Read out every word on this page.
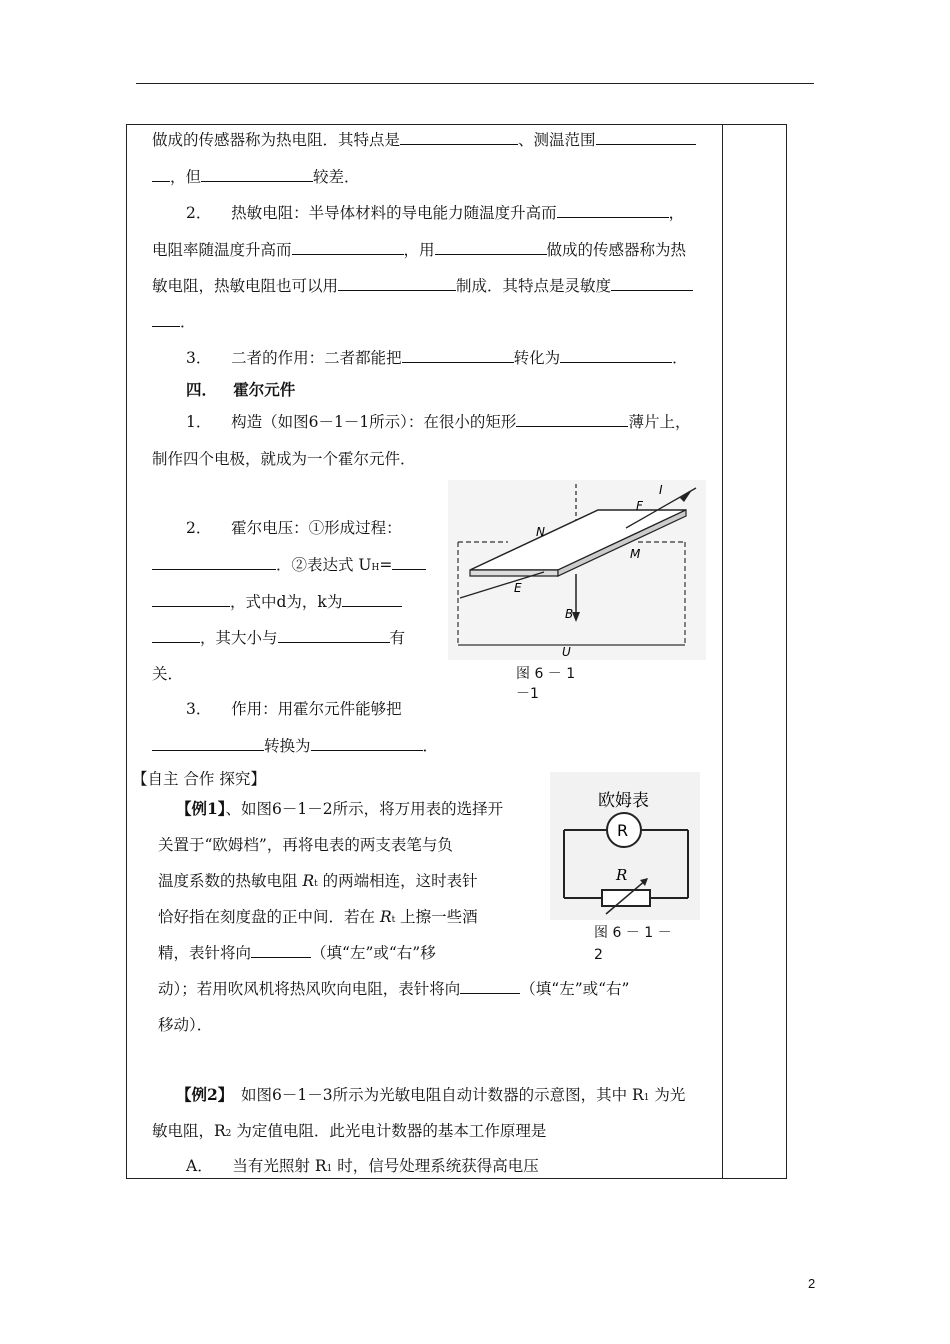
做成的传感器称为热电阻．其特点是	、测温范围
，但	较差．
2． 热敏电阻：半导体材料的导电能力随温度升高而	，
电阻率随温度升高而	，用	做成的传感器称为热
敏电阻，热敏电阻也可以用	制成．其特点是灵敏度
．
3． 二者的作用：二者都能把	转化为	．
四． 霍尔元件
1． 构造（如图6－1－1所示）：在很小的矩形	薄片上，
制作四个电极，就成为一个霍尔元件．
2． 霍尔电压：①形成过程：
．②表达式 UH=
，式中d为，k为
，其大小与	有
关．
3． 作用：用霍尔元件能够把
转换为	．
N
F
I
M
E
B
U
图 6 － 1
－1
【自主 合作 探究】
【例1】、如图6－1－2所示，将万用表的选择开
关置于“欧姆档”，再将电表的两支表笔与负
温度系数的热敏电阻 Rt 的两端相连，这时表针
恰好指在刻度盘的正中间．若在 Rt 上擦一些酒
精，表针将向	（填“左”或“右”移
动）；若用吹风机将热风吹向电阻，表针将向	（填“左”或“右”
移动）．
欧姆表
R
R
图 6 － 1 －
2
【例2】　如图6－1－3所示为光敏电阻自动计数器的示意图，其中 R1 为光
敏电阻，R2 为定值电阻．此光电计数器的基本工作原理是
A． 当有光照射 R1 时，信号处理系统获得高电压
2
